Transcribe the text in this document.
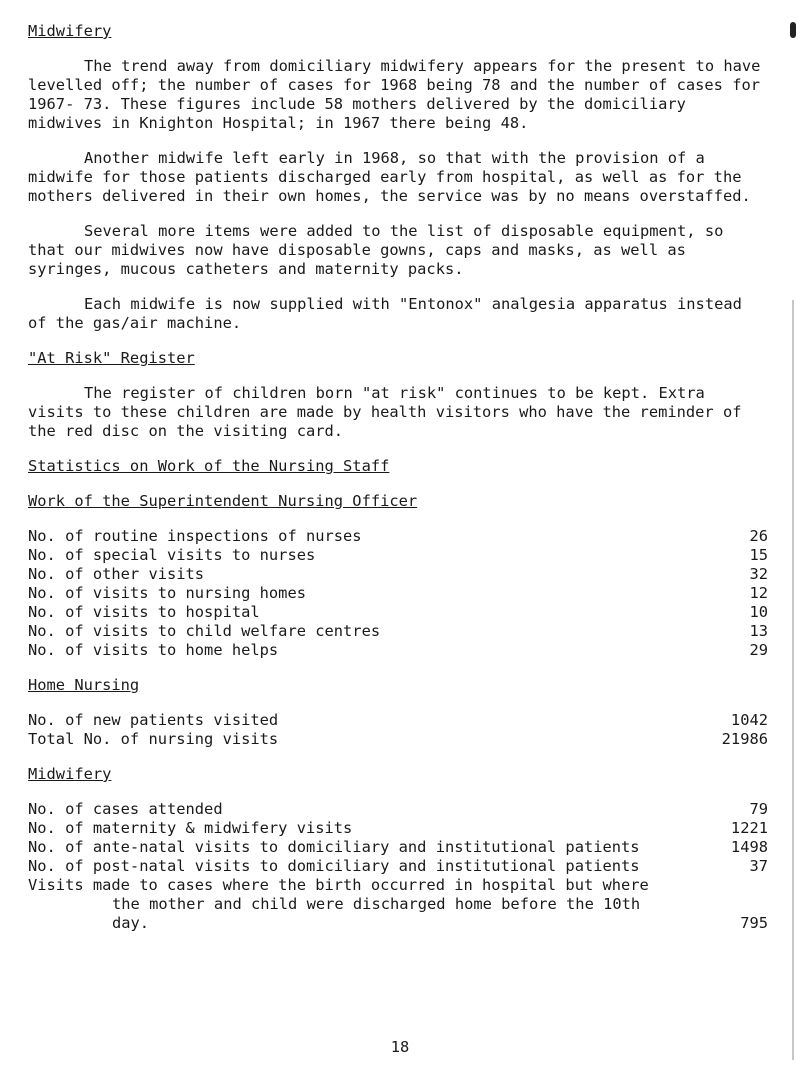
Midwifery

The trend away from domiciliary midwifery appears for the present to have levelled off; the number of cases for 1968 being 78 and the number of cases for 1967- 73. These figures include 58 mothers delivered by the domiciliary midwives in Knighton Hospital; in 1967 there being 48.

Another midwife left early in 1968, so that with the provision of a midwife for those patients discharged early from hospital, as well as for the mothers delivered in their own homes, the service was by no means overstaffed.

Several more items were added to the list of disposable equipment, so that our midwives now have disposable gowns, caps and masks, as well as syringes, mucous catheters and maternity packs.

Each midwife is now supplied with "Entonox" analgesia apparatus instead of the gas/air machine.

"At Risk" Register

The register of children born "at risk" continues to be kept. Extra visits to these children are made by health visitors who have the reminder of the red disc on the visiting card.

Statistics on Work of the Nursing Staff
Work of the Superintendent Nursing Officer
No. of routine inspections of nurses	26
No. of special visits to nurses	15
No. of other visits	32
No. of visits to nursing homes	12
No. of visits to hospital	10
No. of visits to child welfare centres	13
No. of visits to home helps	29
Home Nursing
No. of new patients visited	1042
Total No. of nursing visits	21986
Midwifery
No. of cases attended	79
No. of maternity & midwifery visits	1221
No. of ante-natal visits to domiciliary and institutional patients	1498
No. of post-natal visits to domiciliary and institutional patients	37
Visits made to cases where the birth occurred in hospital but where the mother and child were discharged home before the 10th day.	795
18
